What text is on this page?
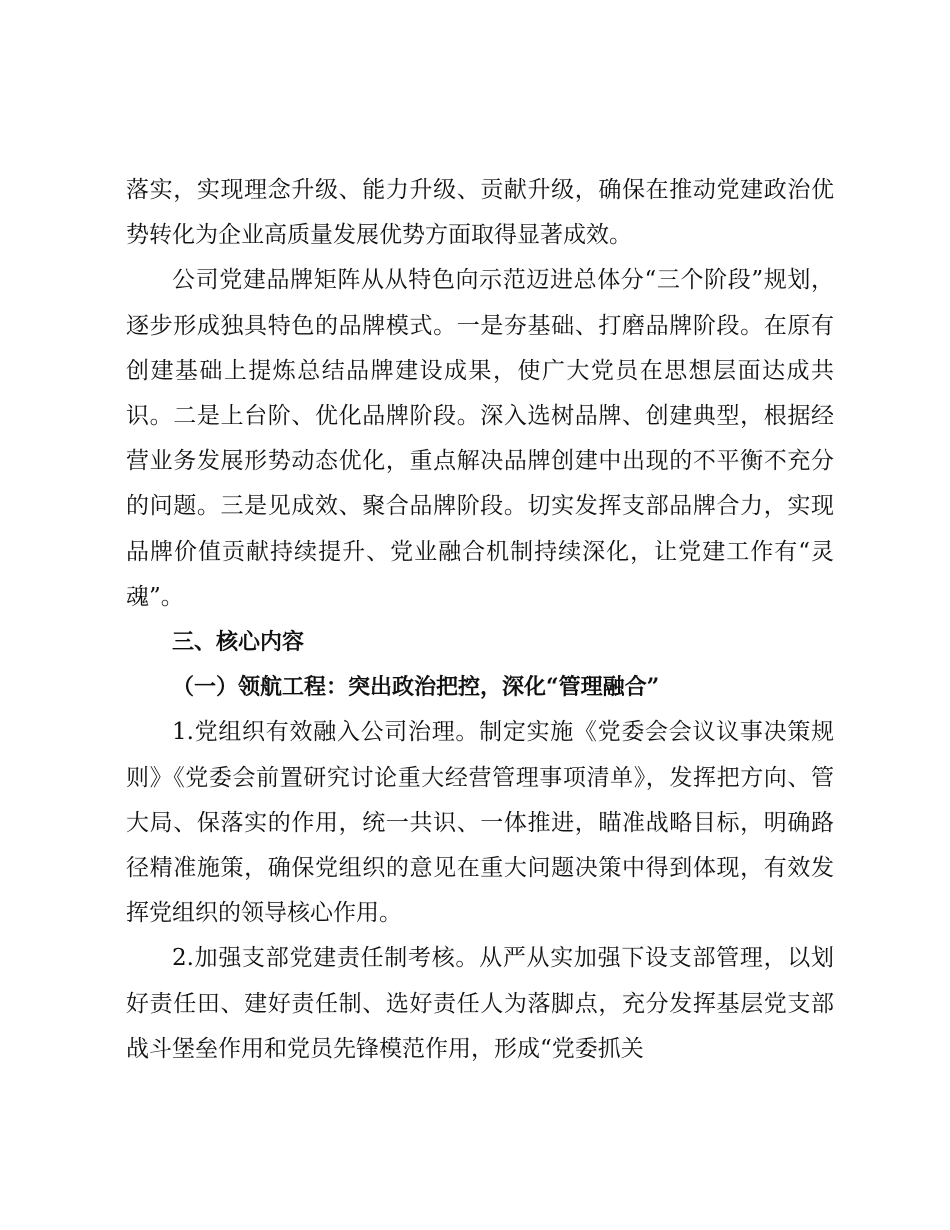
落实，实现理念升级、能力升级、贡献升级，确保在推动党建政治优势转化为企业高质量发展优势方面取得显著成效。

公司党建品牌矩阵从从特色向示范迈进总体分“三个阶段”规划，逐步形成独具特色的品牌模式。一是夯基础、打磨品牌阶段。在原有创建基础上提炼总结品牌建设成果，使广大党员在思想层面达成共识。二是上台阶、优化品牌阶段。深入选树品牌、创建典型，根据经营业务发展形势动态优化，重点解决品牌创建中出现的不平衡不充分的问题。三是见成效、聚合品牌阶段。切实发挥支部品牌合力，实现品牌价值贡献持续提升、党业融合机制持续深化，让党建工作有“灵魂”。

三、核心内容

（一）领航工程：突出政治把控，深化“管理融合”

1.党组织有效融入公司治理。制定实施《党委会会议议事决策规则》《党委会前置研究讨论重大经营管理事项清单》，发挥把方向、管大局、保落实的作用，统一共识、一体推进，瞄准战略目标，明确路径精准施策，确保党组织的意见在重大问题决策中得到体现，有效发挥党组织的领导核心作用。

2.加强支部党建责任制考核。从严从实加强下设支部管理，以划好责任田、建好责任制、选好责任人为落脚点，充分发挥基层党支部战斗堡垒作用和党员先锋模范作用，形成“党委抓关
